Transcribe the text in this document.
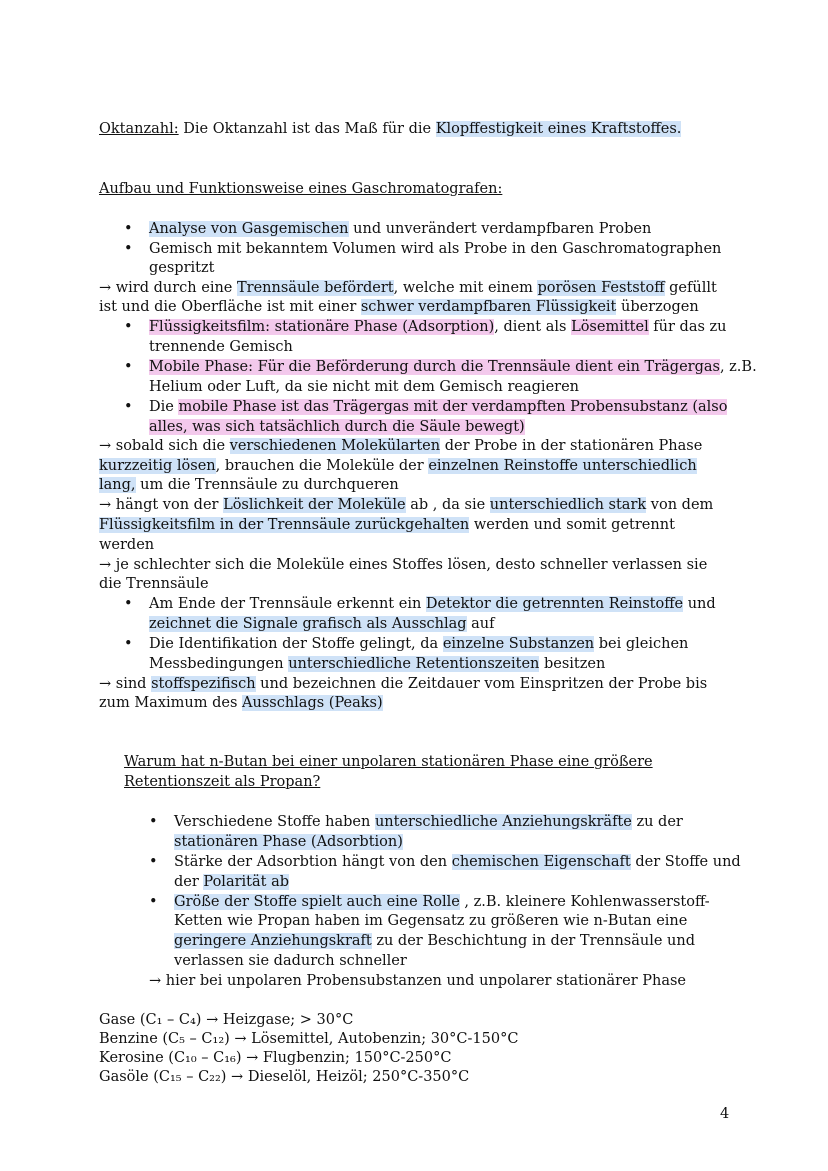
Oktanzahl: Die Oktanzahl ist das Maß für die Klopffestigkeit eines Kraftstoffes.
Aufbau und Funktionsweise eines Gaschromatografen:
• Analyse von Gasgemischen und unverändert verdampfbaren Proben
• Gemisch mit bekanntem Volumen wird als Probe in den Gaschromatographen
gespritzt
→ wird durch eine Trennsäule befördert, welche mit einem porösen Feststoff gefüllt
ist und die Oberfläche ist mit einer schwer verdampfbaren Flüssigkeit überzogen
• Flüssigkeitsfilm: stationäre Phase (Adsorption), dient als Lösemittel für das zu
trennende Gemisch
• Mobile Phase: Für die Beförderung durch die Trennsäule dient ein Trägergas, z.B.
Helium oder Luft, da sie nicht mit dem Gemisch reagieren
• Die mobile Phase ist das Trägergas mit der verdampften Probensubstanz (also
alles, was sich tatsächlich durch die Säule bewegt)
→ sobald sich die verschiedenen Molekülarten der Probe in der stationären Phase
kurzzeitig lösen, brauchen die Moleküle der einzelnen Reinstoffe unterschiedlich
lang, um die Trennsäule zu durchqueren
→ hängt von der Löslichkeit der Moleküle ab , da sie unterschiedlich stark von dem
Flüssigkeitsfilm in der Trennsäule zurückgehalten werden und somit getrennt
werden
→ je schlechter sich die Moleküle eines Stoffes lösen, desto schneller verlassen sie
die Trennsäule
• Am Ende der Trennsäule erkennt ein Detektor die getrennten Reinstoffe und
zeichnet die Signale grafisch als Ausschlag auf
• Die Identifikation der Stoffe gelingt, da einzelne Substanzen bei gleichen
Messbedingungen unterschiedliche Retentionszeiten besitzen
→ sind stoffspezifisch und bezeichnen die Zeitdauer vom Einspritzen der Probe bis
zum Maximum des Ausschlags (Peaks)
Warum hat n-Butan bei einer unpolaren stationären Phase eine größere
Retentionszeit als Propan?
• Verschiedene Stoffe haben unterschiedliche Anziehungskräfte zu der
stationären Phase (Adsorbtion)
• Stärke der Adsorbtion hängt von den chemischen Eigenschaft der Stoffe und
der Polarität ab
• Größe der Stoffe spielt auch eine Rolle , z.B. kleinere Kohlenwasserstoff-
Ketten wie Propan haben im Gegensatz zu größeren wie n-Butan eine
geringere Anziehungskraft zu der Beschichtung in der Trennsäule und
verlassen sie dadurch schneller
→ hier bei unpolaren Probensubstanzen und unpolarer stationärer Phase
Gase (C₁ – C₄) → Heizgase; > 30°C
Benzine (C₅ – C₁₂) → Lösemittel, Autobenzin; 30°C-150°C
Kerosine (C₁₀ – C₁₆) → Flugbenzin; 150°C-250°C
Gasöle (C₁₅ – C₂₂) → Dieselöl, Heizöl; 250°C-350°C
4
